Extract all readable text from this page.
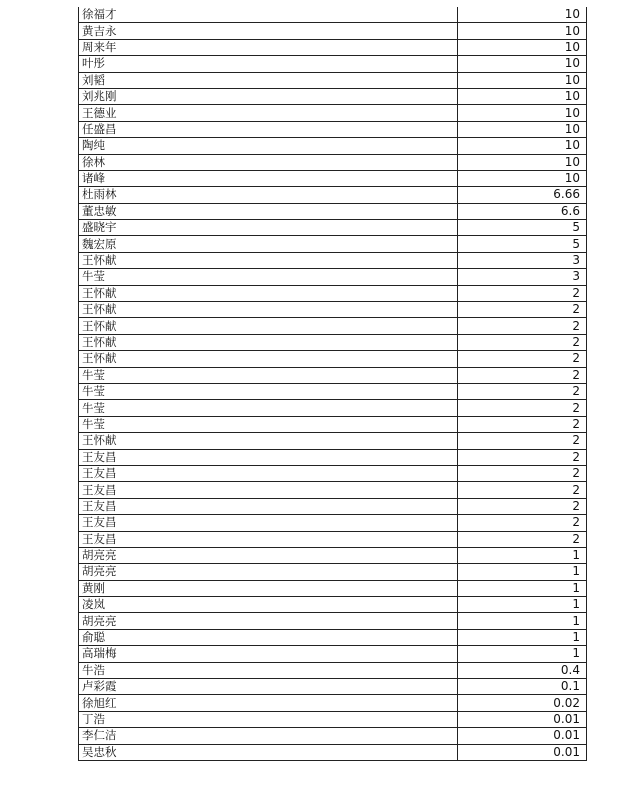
徐福才	10
黄吉永	10
周来年	10
叶彤	10
刘韬	10
刘兆刚	10
王德业	10
任盛昌	10
陶纯	10
徐林	10
诸峰	10
杜雨林	6.66
董忠敏	6.6
盛晓宇	5
魏宏原	5
王怀献	3
牛莹	3
王怀献	2
王怀献	2
王怀献	2
王怀献	2
王怀献	2
牛莹	2
牛莹	2
牛莹	2
牛莹	2
王怀献	2
王友昌	2
王友昌	2
王友昌	2
王友昌	2
王友昌	2
王友昌	2
胡亮亮	1
胡亮亮	1
黄刚	1
凌岚	1
胡亮亮	1
俞聪	1
高瑞梅	1
牛浩	0.4
卢彩霞	0.1
徐旭红	0.02
丁浩	0.01
李仁洁	0.01
吴忠秋	0.01
